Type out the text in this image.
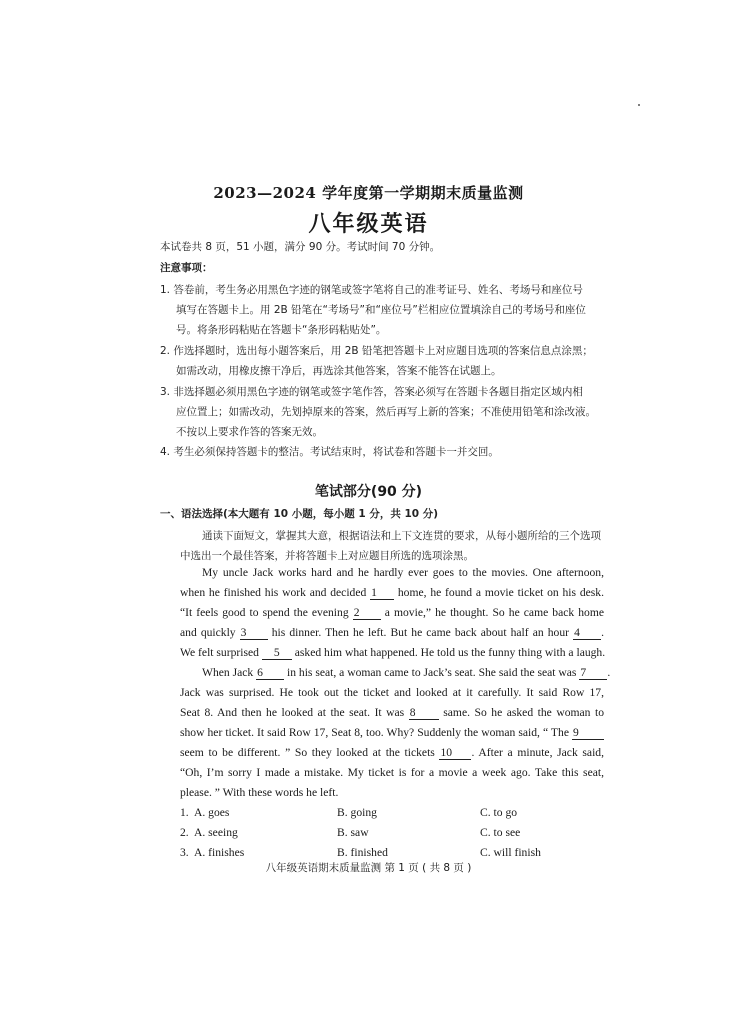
2023—2024 学年度第一学期期末质量监测
八年级英语
本试卷共 8 页，51 小题，满分 90 分。考试时间 70 分钟。
注意事项：
1. 答卷前，考生务必用黑色字迹的钢笔或签字笔将自己的准考证号、姓名、考场号和座位号
填写在答题卡上。用 2B 铅笔在“考场号”和“座位号”栏相应位置填涂自己的考场号和座位
号。将条形码粘贴在答题卡“条形码粘贴处”。
2. 作选择题时，选出每小题答案后，用 2B 铅笔把答题卡上对应题目选项的答案信息点涂黑；
如需改动，用橡皮擦干净后，再选涂其他答案，答案不能答在试题上。
3. 非选择题必须用黑色字迹的钢笔或签字笔作答，答案必须写在答题卡各题目指定区域内相
应位置上；如需改动，先划掉原来的答案，然后再写上新的答案；不准使用铅笔和涂改液。
不按以上要求作答的答案无效。
4. 考生必须保持答题卡的整洁。考试结束时，将试卷和答题卡一并交回。
笔试部分(90 分)
一、语法选择(本大题有 10 小题，每小题 1 分，共 10 分)
通读下面短文，掌握其大意，根据语法和上下文连贯的要求，从每小题所给的三个选项
中选出一个最佳答案，并将答题卡上对应题目所选的选项涂黑。
My uncle Jack works hard and he hardly ever goes to the movies. One afternoon,
when he finished his work and decided 1 home, he found a movie ticket on his desk.
“It feels good to spend the evening 2 a movie,” he thought. So he came back home
and quickly 3 his dinner. Then he left. But he came back about half an hour 4 .
We felt surprised 5 asked him what happened. He told us the funny thing with a laugh.
When Jack 6 in his seat, a woman came to Jack’s seat. She said the seat was 7 .
Jack was surprised. He took out the ticket and looked at it carefully. It said Row 17,
Seat 8. And then he looked at the seat. It was 8 same. So he asked the woman to
show her ticket. It said Row 17, Seat 8, too. Why? Suddenly the woman said, “ The 9
seem to be different. ” So they looked at the tickets 10 . After a minute, Jack said,
“Oh, I’m sorry I made a mistake. My ticket is for a movie a week ago. Take this seat,
please. ” With these words he left.
1. A. goes	B. going	C. to go
2. A. seeing	B. saw	C. to see
3. A. finishes	B. finished	C. will finish
八年级英语期末质量监测 第 1 页 ( 共 8 页 )
